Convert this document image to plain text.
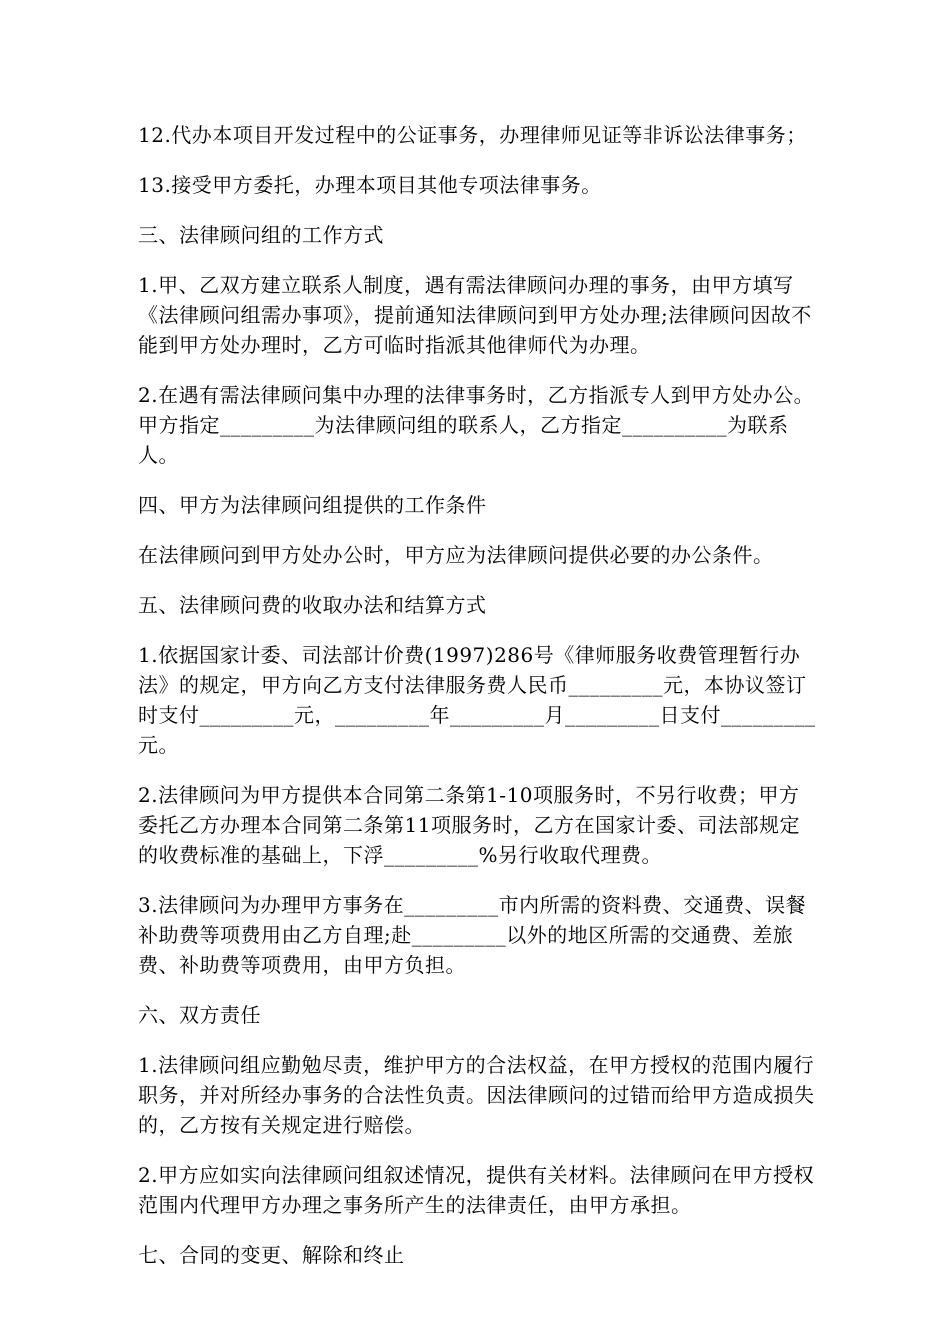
12.代办本项目开发过程中的公证事务，办理律师见证等非诉讼法律事务；

13.接受甲方委托，办理本项目其他专项法律事务。

三、法律顾问组的工作方式

1.甲、乙双方建立联系人制度，遇有需法律顾问办理的事务，由甲方填写《法律顾问组需办事项》，提前通知法律顾问到甲方处办理;法律顾问因故不能到甲方处办理时，乙方可临时指派其他律师代为办理。

2.在遇有需法律顾问集中办理的法律事务时，乙方指派专人到甲方处办公。甲方指定_________为法律顾问组的联系人，乙方指定__________为联系人。

四、甲方为法律顾问组提供的工作条件

在法律顾问到甲方处办公时，甲方应为法律顾问提供必要的办公条件。

五、法律顾问费的收取办法和结算方式

1.依据国家计委、司法部计价费(1997)286号《律师服务收费管理暂行办法》的规定，甲方向乙方支付法律服务费人民币_________元，本协议签订时支付_________元，_________年_________月_________日支付_________元。

2.法律顾问为甲方提供本合同第二条第1-10项服务时，不另行收费；甲方委托乙方办理本合同第二条第11项服务时，乙方在国家计委、司法部规定的收费标准的基础上，下浮_________%另行收取代理费。

3.法律顾问为办理甲方事务在_________市内所需的资料费、交通费、误餐补助费等项费用由乙方自理;赴_________以外的地区所需的交通费、差旅费、补助费等项费用，由甲方负担。

六、双方责任

1.法律顾问组应勤勉尽责，维护甲方的合法权益，在甲方授权的范围内履行职务，并对所经办事务的合法性负责。因法律顾问的过错而给甲方造成损失的，乙方按有关规定进行赔偿。

2.甲方应如实向法律顾问组叙述情况，提供有关材料。法律顾问在甲方授权范围内代理甲方办理之事务所产生的法律责任，由甲方承担。

七、合同的变更、解除和终止
